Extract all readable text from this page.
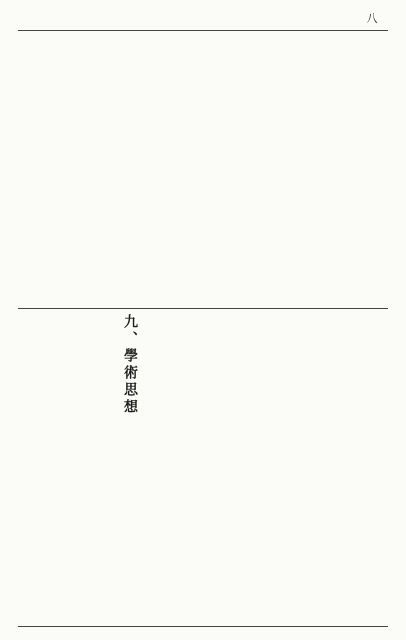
八
九、學術思想
